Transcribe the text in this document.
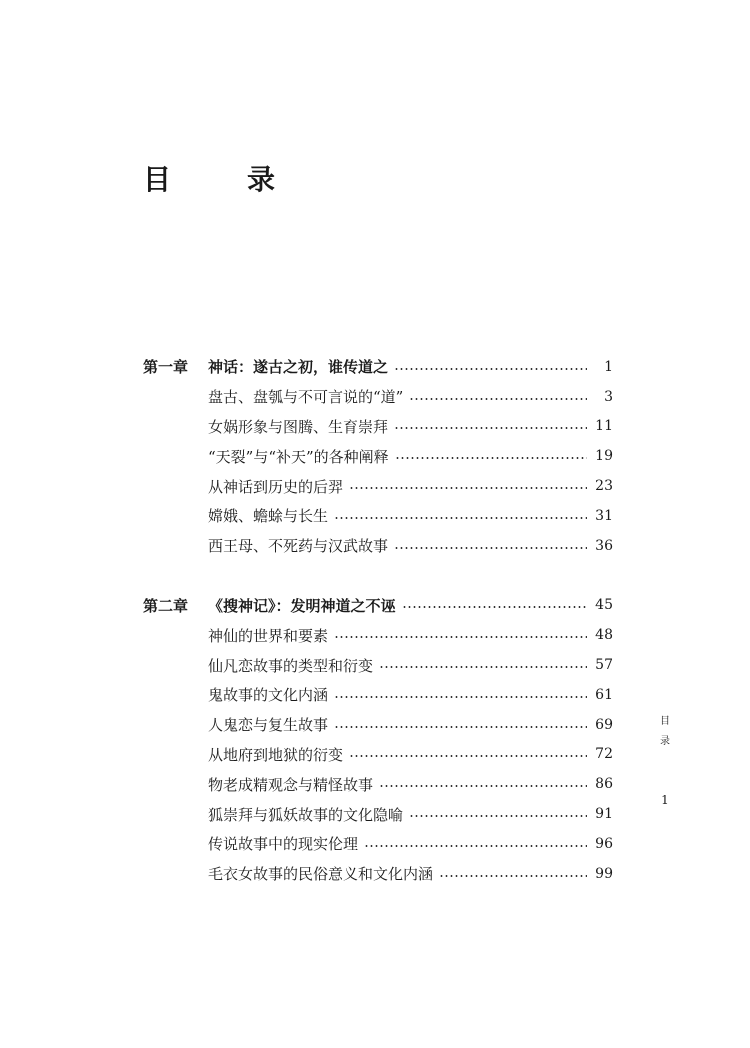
目　录
第一章 神话：遂古之初，谁传道之	1
盘古、盘瓠与不可言说的“道”	3
女娲形象与图腾、生育崇拜	11
“天裂”与“补天”的各种阐释	19
从神话到历史的后羿	23
嫦娥、蟾蜍与长生	31
西王母、不死药与汉武故事	36
第二章 《搜神记》：发明神道之不诬	45
神仙的世界和要素	48
仙凡恋故事的类型和衍变	57
鬼故事的文化内涵	61
人鬼恋与复生故事	69
从地府到地狱的衍变	72
物老成精观念与精怪故事	86
狐崇拜与狐妖故事的文化隐喻	91
传说故事中的现实伦理	96
毛衣女故事的民俗意义和文化内涵	99
目
录
1
